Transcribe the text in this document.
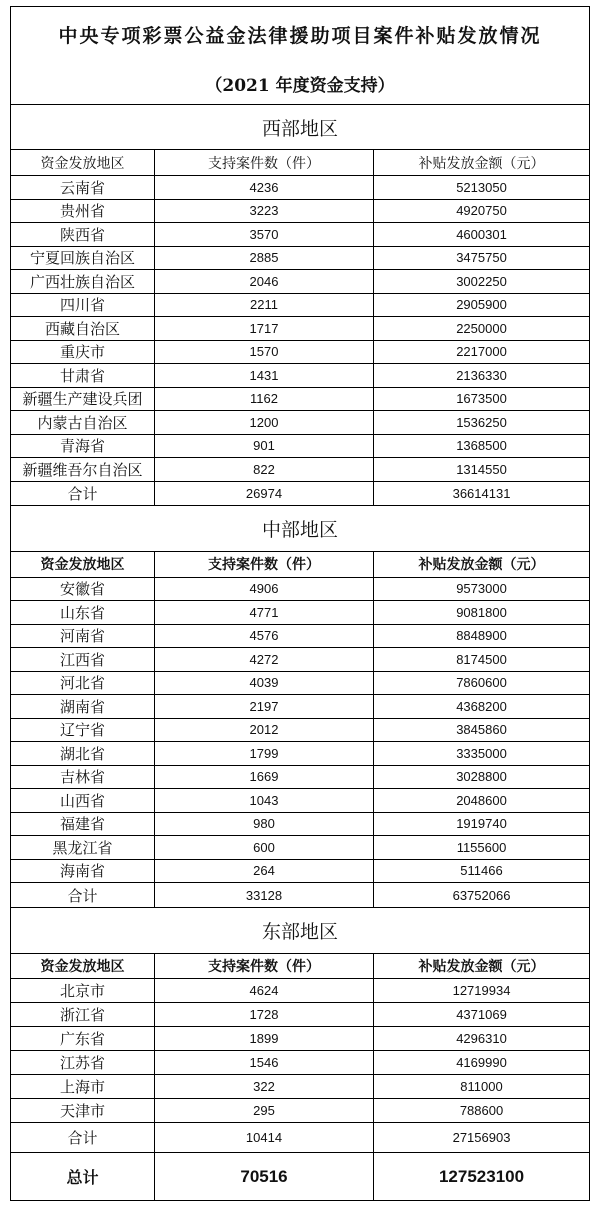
中央专项彩票公益金法律援助项目案件补贴发放情况		
（2021 年度资金支持）		
西部地区		
资金发放地区	支持案件数（件）	补贴发放金额（元）
云南省	4236	5213050
贵州省	3223	4920750
陕西省	3570	4600301
宁夏回族自治区	2885	3475750
广西壮族自治区	2046	3002250
四川省	2211	2905900
西藏自治区	1717	2250000
重庆市	1570	2217000
甘肃省	1431	2136330
新疆生产建设兵团	1162	1673500
内蒙古自治区	1200	1536250
青海省	901	1368500
新疆维吾尔自治区	822	1314550
合计	26974	36614131
中部地区		
资金发放地区	支持案件数（件）	补贴发放金额（元）
安徽省	4906	9573000
山东省	4771	9081800
河南省	4576	8848900
江西省	4272	8174500
河北省	4039	7860600
湖南省	2197	4368200
辽宁省	2012	3845860
湖北省	1799	3335000
吉林省	1669	3028800
山西省	1043	2048600
福建省	980	1919740
黑龙江省	600	1155600
海南省	264	511466
合计	33128	63752066
东部地区		
资金发放地区	支持案件数（件）	补贴发放金额（元）
北京市	4624	12719934
浙江省	1728	4371069
广东省	1899	4296310
江苏省	1546	4169990
上海市	322	811000
天津市	295	788600
合计	10414	27156903
总计	70516	127523100
